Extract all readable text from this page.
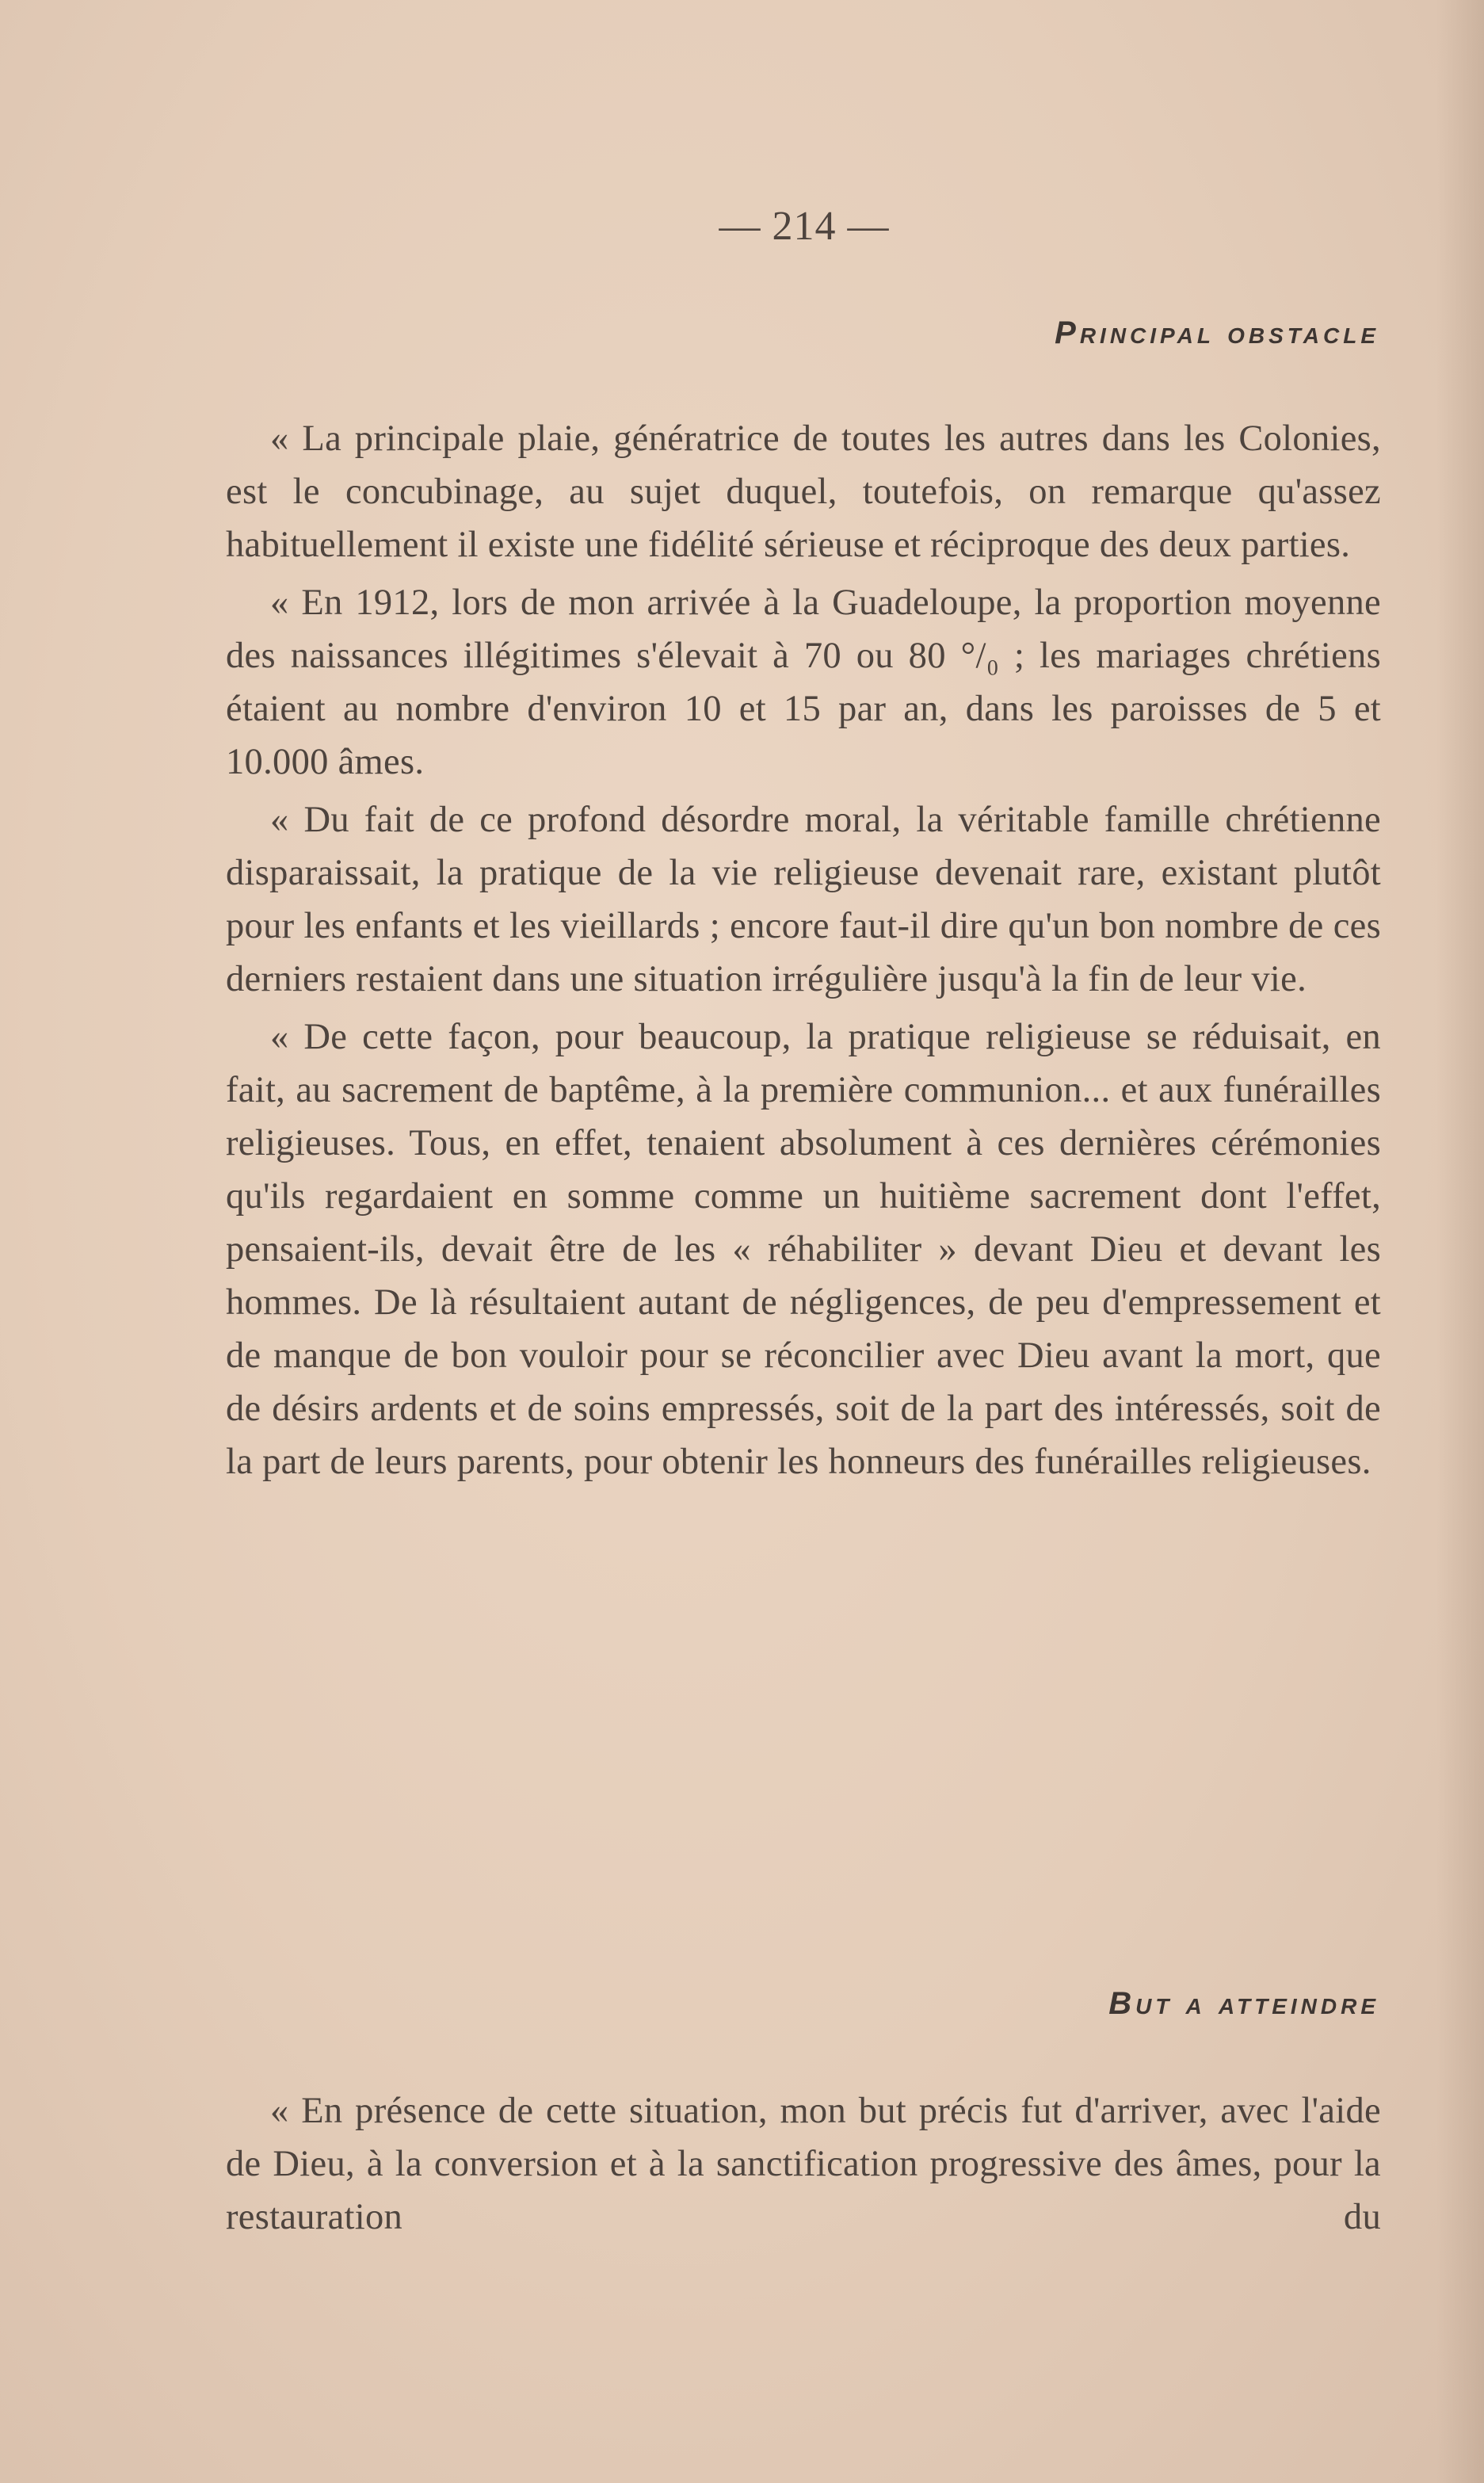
— 214 —
Principal obstacle

« La principale plaie, génératrice de toutes les autres dans les Colonies, est le concubinage, au sujet duquel, toutefois, on remarque qu'assez habituellement il existe une fidélité sérieuse et réciproque des deux parties.

« En 1912, lors de mon arrivée à la Guadeloupe, la proportion moyenne des naissances illégitimes s'élevait à 70 ou 80 °/₀ ; les mariages chrétiens étaient au nombre d'environ 10 et 15 par an, dans les paroisses de 5 et 10.000 âmes.

« Du fait de ce profond désordre moral, la véritable famille chrétienne disparaissait, la pratique de la vie religieuse devenait rare, existant plutôt pour les enfants et les vieillards ; encore faut-il dire qu'un bon nombre de ces derniers restaient dans une situation irrégulière jusqu'à la fin de leur vie.

« De cette façon, pour beaucoup, la pratique religieuse se réduisait, en fait, au sacrement de baptême, à la première communion... et aux funérailles religieuses. Tous, en effet, tenaient absolument à ces dernières cérémonies qu'ils regardaient en somme comme un huitième sacrement dont l'effet, pensaient-ils, devait être de les « réhabiliter » devant Dieu et devant les hommes. De là résultaient autant de négligences, de peu d'empressement et de manque de bon vouloir pour se réconcilier avec Dieu avant la mort, que de désirs ardents et de soins empressés, soit de la part des intéressés, soit de la part de leurs parents, pour obtenir les honneurs des funérailles religieuses.

But a atteindre

« En présence de cette situation, mon but précis fut d'arriver, avec l'aide de Dieu, à la conversion et à la sanctification progressive des âmes, pour la restauration du
